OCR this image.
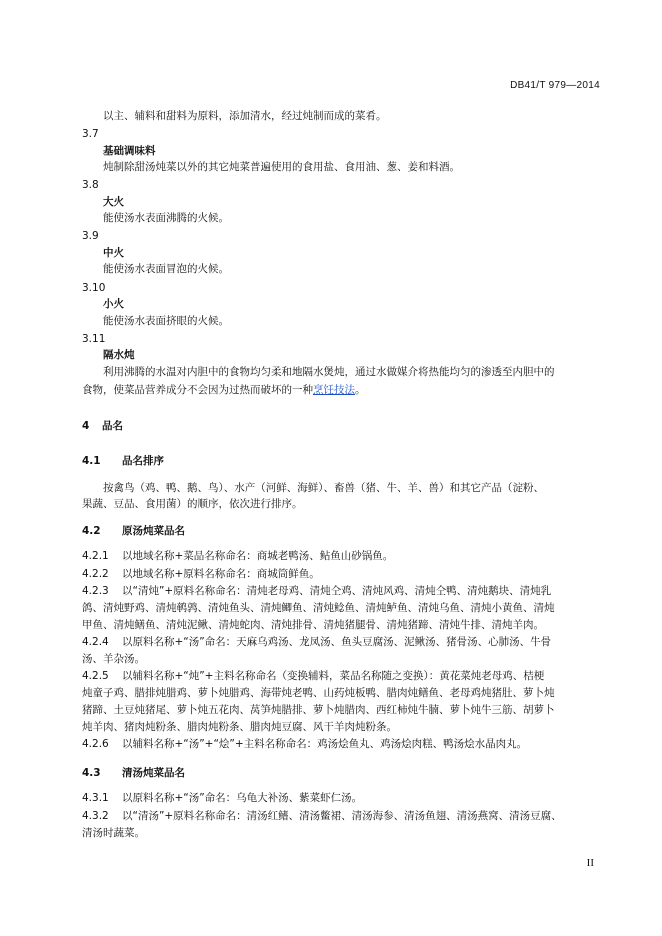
DB41/T 979—2014
以主、辅料和甜料为原料，添加清水，经过炖制而成的菜肴。
3.7
基础调味料
炖制除甜汤炖菜以外的其它炖菜普遍使用的食用盐、食用油、葱、姜和料酒。
3.8
大火
能使汤水表面沸腾的火候。
3.9
中火
能使汤水表面冒泡的火候。
3.10
小火
能使汤水表面挤眼的火候。
3.11
隔水炖
利用沸腾的水温对内胆中的食物均匀柔和地隔水煲炖，通过水做媒介将热能均匀的渗透至内胆中的
食物，使菜品营养成分不会因为过热而破坏的一种烹饪技法。
4 品名
4.1 品名排序
按禽鸟（鸡、鸭、鹅、鸟）、水产（河鲜、海鲜）、畜兽（猪、牛、羊、兽）和其它产品（淀粉、
果蔬、豆品、食用菌）的顺序，依次进行排序。
4.2 原汤炖菜品名
4.2.1 以地域名称+菜品名称命名：商城老鸭汤、鲇鱼山砂锅鱼。
4.2.2 以地域名称+原料名称命名：商城筒鲜鱼。
4.2.3 以“清炖”+原料名称命名：清炖老母鸡、清炖仝鸡、清炖风鸡、清炖仝鸭、清炖鹅块、清炖乳
鸽、清炖野鸡、清炖鹌鹑、清炖鱼头、清炖鲫鱼、清炖鲶鱼、清炖鲈鱼、清炖乌鱼、清炖小黄鱼、清炖
甲鱼、清炖鳝鱼、清炖泥鳅、清炖蛇肉、清炖排骨、清炖猪腿骨、清炖猪蹄、清炖牛排、清炖羊肉。
4.2.4 以原料名称+“汤”命名：天麻乌鸡汤、龙凤汤、鱼头豆腐汤、泥鳅汤、猪骨汤、心肺汤、牛骨
汤、羊杂汤。
4.2.5 以辅料名称+“炖”+主料名称命名（变换辅料，菜品名称随之变换）：黄花菜炖老母鸡、桔梗
炖童子鸡、腊排炖腊鸡、萝卜炖腊鸡、海带炖老鸭、山药炖板鸭、腊肉炖鳝鱼、老母鸡炖猪肚、萝卜炖
猪蹄、土豆炖猪尾、萝卜炖五花肉、莴笋炖腊排、萝卜炖腊肉、西红柿炖牛腩、萝卜炖牛三筋、胡萝卜
炖羊肉、猪肉炖粉条、腊肉炖粉条、腊肉炖豆腐、风干羊肉炖粉条。
4.2.6 以辅料名称+“汤”+“烩”+主料名称命名：鸡汤烩鱼丸、鸡汤烩肉糕、鸭汤烩水晶肉丸。
4.3 清汤炖菜品名
4.3.1 以原料名称+“汤”命名：乌龟大补汤、紫菜虾仁汤。
4.3.2 以“清汤”+原料名称命名：清汤红鳍、清汤鳖裙、清汤海参、清汤鱼翅、清汤燕窝、清汤豆腐、
清汤时蔬菜。
II
